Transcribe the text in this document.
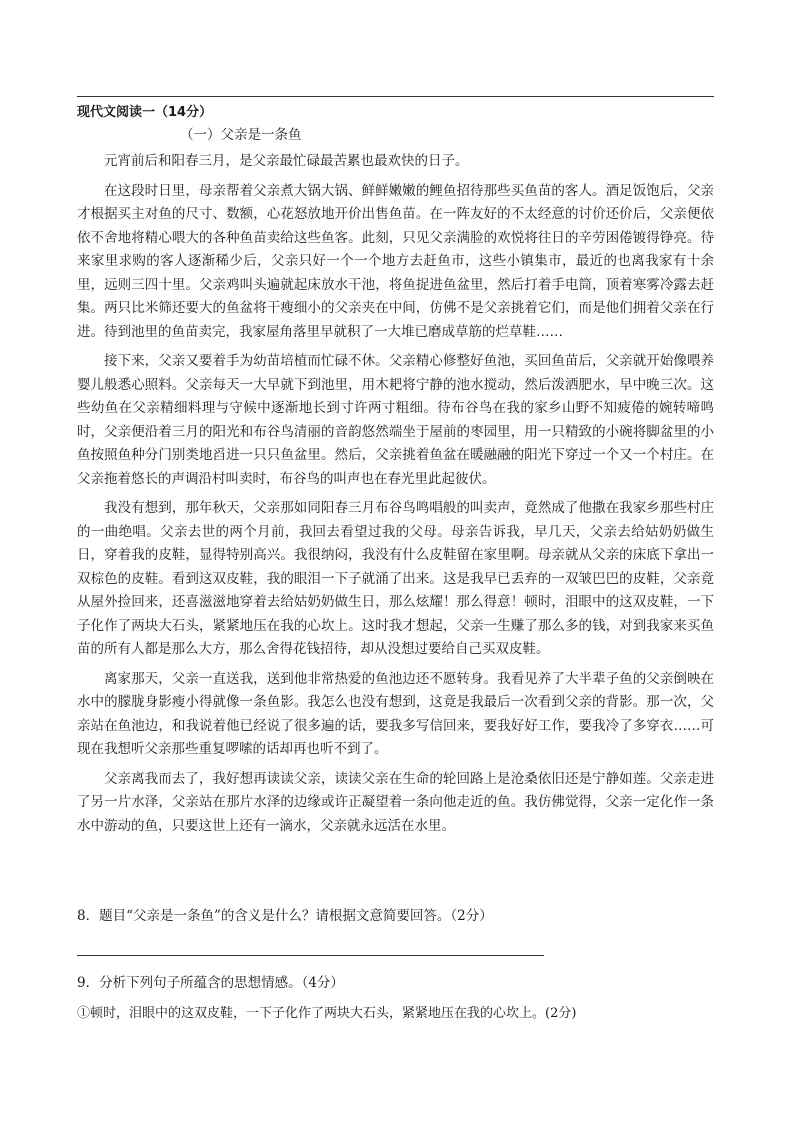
现代文阅读一（14分）
（一）父亲是一条鱼

元宵前后和阳春三月，是父亲最忙碌最苦累也最欢快的日子。

在这段时日里，母亲帮着父亲煮大锅大锅、鲜鲜嫩嫩的鲤鱼招待那些买鱼苗的客人。酒足饭饱后，父亲才根据买主对鱼的尺寸、数额，心花怒放地开价出售鱼苗。在一阵友好的不太经意的讨价还价后，父亲便依依不舍地将精心喂大的各种鱼苗卖给这些鱼客。此刻，只见父亲满脸的欢悦将往日的辛劳困倦镀得铮亮。待来家里求购的客人逐渐稀少后，父亲只好一个一个地方去赶鱼市，这些小镇集市，最近的也离我家有十余里，远则三四十里。父亲鸡叫头遍就起床放水干池，将鱼捉进鱼盆里，然后打着手电筒，顶着寒雾冷露去赶集。两只比米筛还要大的鱼盆将干瘦细小的父亲夹在中间，仿佛不是父亲挑着它们，而是他们拥着父亲在行进。待到池里的鱼苗卖完，我家屋角落里早就积了一大堆已磨成草筋的烂草鞋……

接下来，父亲又要着手为幼苗培植而忙碌不休。父亲精心修整好鱼池，买回鱼苗后，父亲就开始像喂养婴儿般悉心照料。父亲每天一大早就下到池里，用木耙将宁静的池水搅动，然后泼洒肥水，早中晚三次。这些幼鱼在父亲精细料理与守候中逐渐地长到寸许两寸粗细。待布谷鸟在我的家乡山野不知疲倦的婉转啼鸣时，父亲便沿着三月的阳光和布谷鸟清丽的音韵悠然端坐于屋前的枣园里，用一只精致的小碗将脚盆里的小鱼按照鱼种分门别类地舀进一只只鱼盆里。然后，父亲挑着鱼盆在暖融融的阳光下穿过一个又一个村庄。在父亲拖着悠长的声调沿村叫卖时，布谷鸟的叫声也在春光里此起彼伏。

我没有想到，那年秋天，父亲那如同阳春三月布谷鸟鸣唱般的叫卖声，竟然成了他撒在我家乡那些村庄的一曲绝唱。父亲去世的两个月前，我回去看望过我的父母。母亲告诉我，早几天，父亲去给姑奶奶做生日，穿着我的皮鞋，显得特别高兴。我很纳闷，我没有什么皮鞋留在家里啊。母亲就从父亲的床底下拿出一双棕色的皮鞋。看到这双皮鞋，我的眼泪一下子就涌了出来。这是我早已丢弃的一双皱巴巴的皮鞋，父亲竟从屋外捡回来，还喜滋滋地穿着去给姑奶奶做生日，那么炫耀！那么得意！顿时，泪眼中的这双皮鞋，一下子化作了两块大石头，紧紧地压在我的心坎上。这时我才想起，父亲一生赚了那么多的钱，对到我家来买鱼苗的所有人都是那么大方，那么舍得花钱招待，却从没想过要给自己买双皮鞋。

离家那天，父亲一直送我，送到他非常热爱的鱼池边还不愿转身。我看见养了大半辈子鱼的父亲倒映在水中的朦胧身影瘦小得就像一条鱼影。我怎么也没有想到，这竟是我最后一次看到父亲的背影。那一次，父亲站在鱼池边，和我说着他已经说了很多遍的话，要我多写信回来，要我好好工作，要我冷了多穿衣……可现在我想听父亲那些重复啰嗦的话却再也听不到了。

父亲离我而去了，我好想再读读父亲，读读父亲在生命的轮回路上是沧桑依旧还是宁静如莲。父亲走进了另一片水泽，父亲站在那片水泽的边缘或许正凝望着一条向他走近的鱼。我仿佛觉得，父亲一定化作一条水中游动的鱼，只要这世上还有一滴水，父亲就永远活在水里。

8．题目“父亲是一条鱼”的含义是什么？请根据文意简要回答。（2分）
9．分析下列句子所蕴含的思想情感。（4分）
①顿时，泪眼中的这双皮鞋，一下子化作了两块大石头，紧紧地压在我的心坎上。(2分)
